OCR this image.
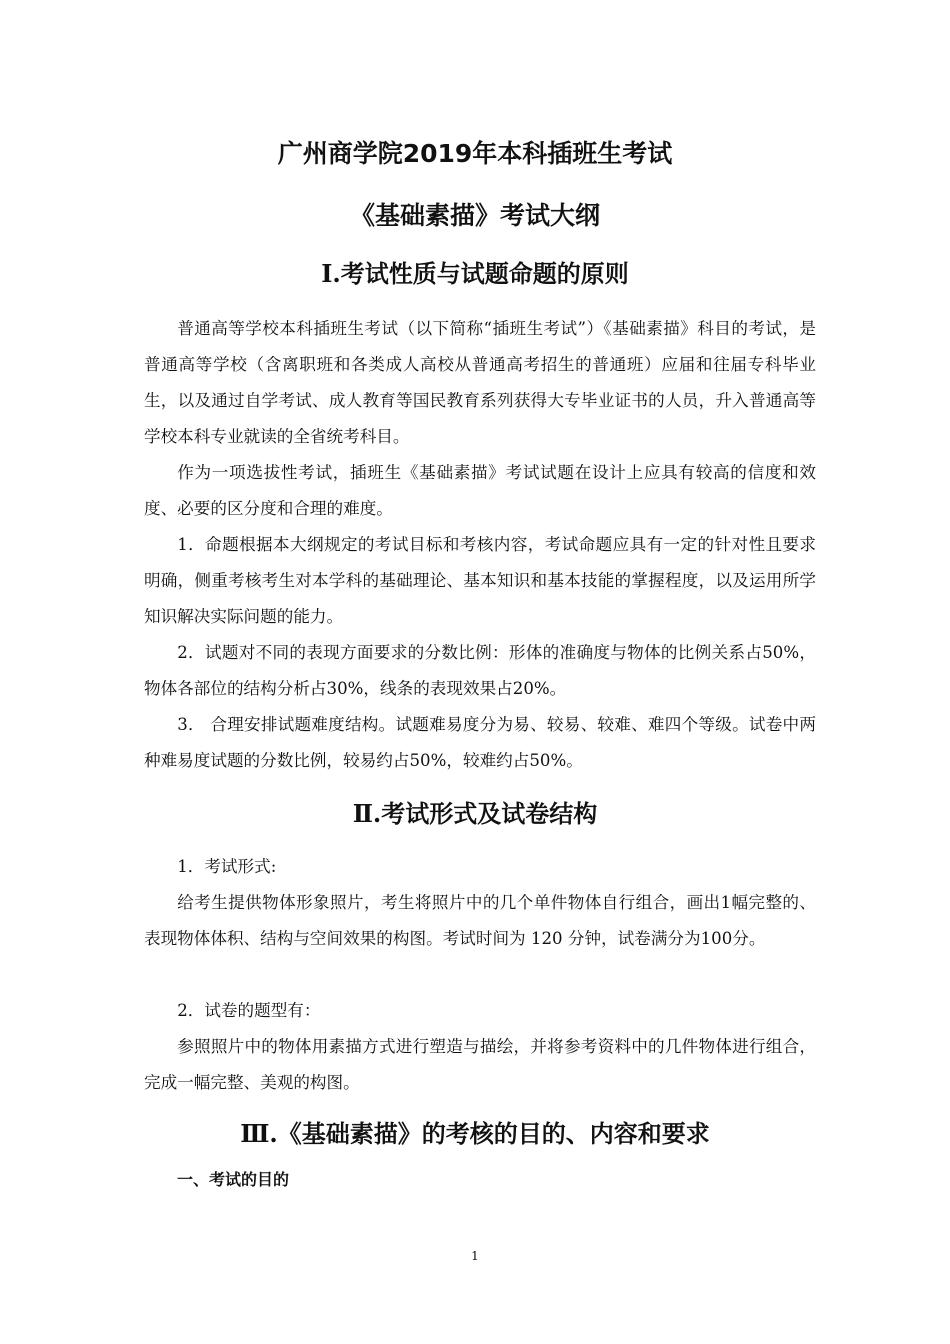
广州商学院2019年本科插班生考试
《基础素描》考试大纲
Ⅰ.考试性质与试题命题的原则

普通高等学校本科插班生考试（以下简称“插班生考试”）《基础素描》科目的考试，是普通高等学校（含离职班和各类成人高校从普通高考招生的普通班）应届和往届专科毕业生，以及通过自学考试、成人教育等国民教育系列获得大专毕业证书的人员，升入普通高等学校本科专业就读的全省统考科目。

作为一项选拔性考试，插班生《基础素描》考试试题在设计上应具有较高的信度和效度、必要的区分度和合理的难度。

1．命题根据本大纲规定的考试目标和考核内容，考试命题应具有一定的针对性且要求明确，侧重考核考生对本学科的基础理论、基本知识和基本技能的掌握程度，以及运用所学知识解决实际问题的能力。

2．试题对不同的表现方面要求的分数比例：形体的准确度与物体的比例关系占50%，物体各部位的结构分析占30%，线条的表现效果占20%。

3． 合理安排试题难度结构。试题难易度分为易、较易、较难、难四个等级。试卷中两种难易度试题的分数比例，较易约占50%，较难约占50%。

Ⅱ.考试形式及试卷结构

1．考试形式:

给考生提供物体形象照片，考生将照片中的几个单件物体自行组合，画出1幅完整的、表现物体体积、结构与空间效果的构图。考试时间为 120 分钟，试卷满分为100分。

2．试卷的题型有：

参照照片中的物体用素描方式进行塑造与描绘，并将参考资料中的几件物体进行组合，完成一幅完整、美观的构图。

Ⅲ.《基础素描》的考核的目的、内容和要求
一、考试的目的
1
